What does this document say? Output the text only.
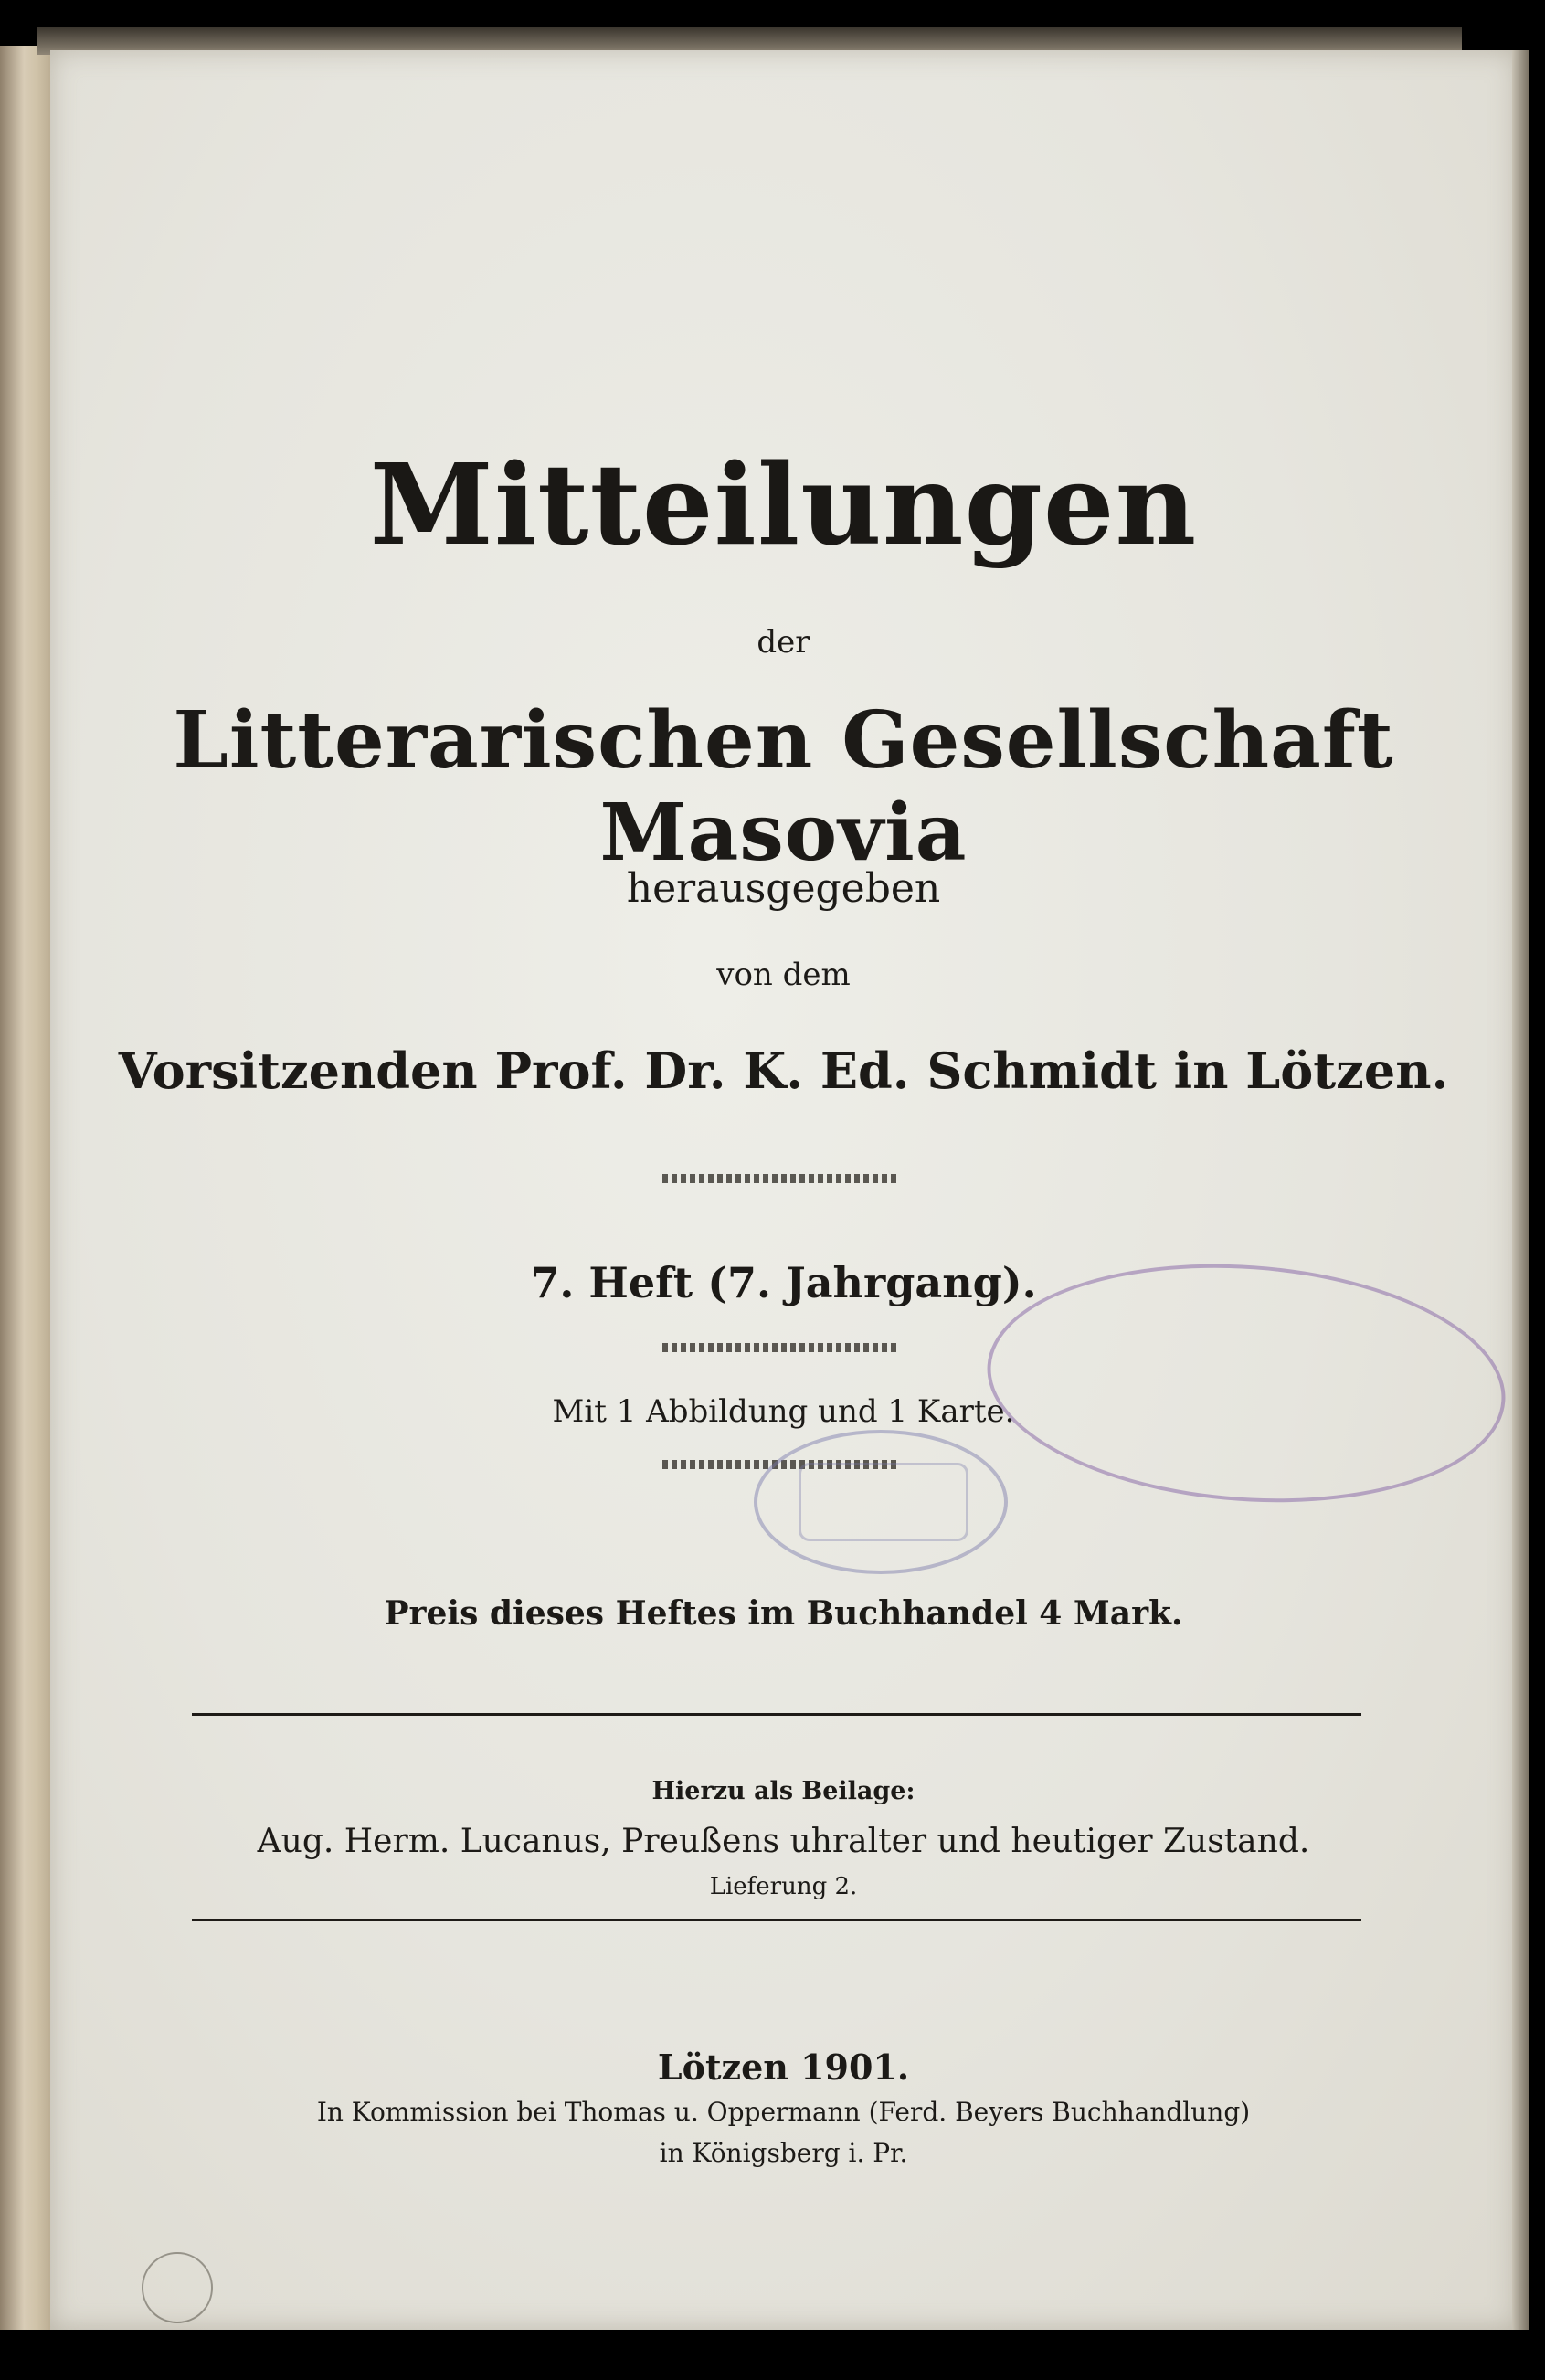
Mitteilungen
der
Litterarischen Gesellschaft Masovia
herausgegeben
von dem
Vorsitzenden Prof. Dr. K. Ed. Schmidt in Lötzen.
7. Heft (7. Jahrgang).
Mit 1 Abbildung und 1 Karte.
Preis dieses Heftes im Buchhandel 4 Mark.
Hierzu als Beilage:
Aug. Herm. Lucanus, Preußens uhralter und heutiger Zustand.
Lieferung 2.
Lötzen 1901.
In Kommission bei Thomas u. Oppermann (Ferd. Beyers Buchhandlung)
in Königsberg i. Pr.
